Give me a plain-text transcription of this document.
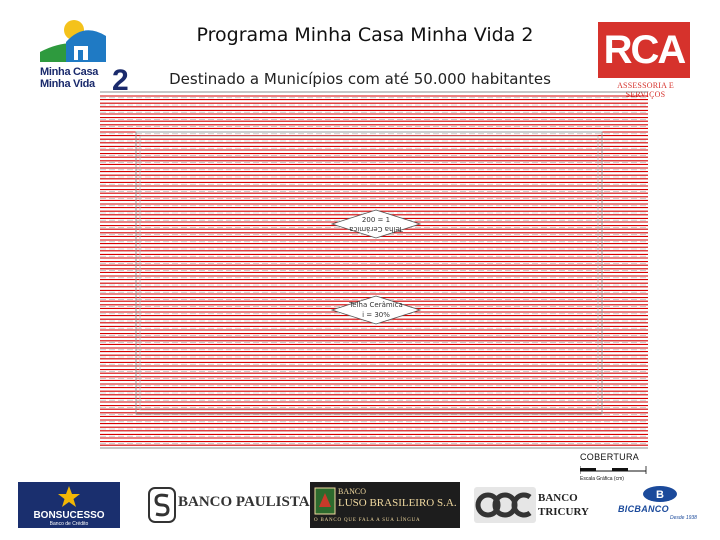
Programa Minha Casa Minha Vida 2
Destinado a Municípios com até 50.000 habitantes
Minha Casa
Minha Vida 2
RCA
ASSESSORIA E SERVIÇOS
200 = 1
Telha Cerâmica
Telha Cerâmica
i = 30%
COBERTURA
Escala Gráfica (cm)
BONSUCESSO
Banco de Crédito
BANCO PAULISTA
BANCO
LUSO BRASILEIRO S.A.
O BANCO QUE FALA A SUA LÍNGUA
BANCO
TRICURY
B
BICBANCO
Desde 1938
